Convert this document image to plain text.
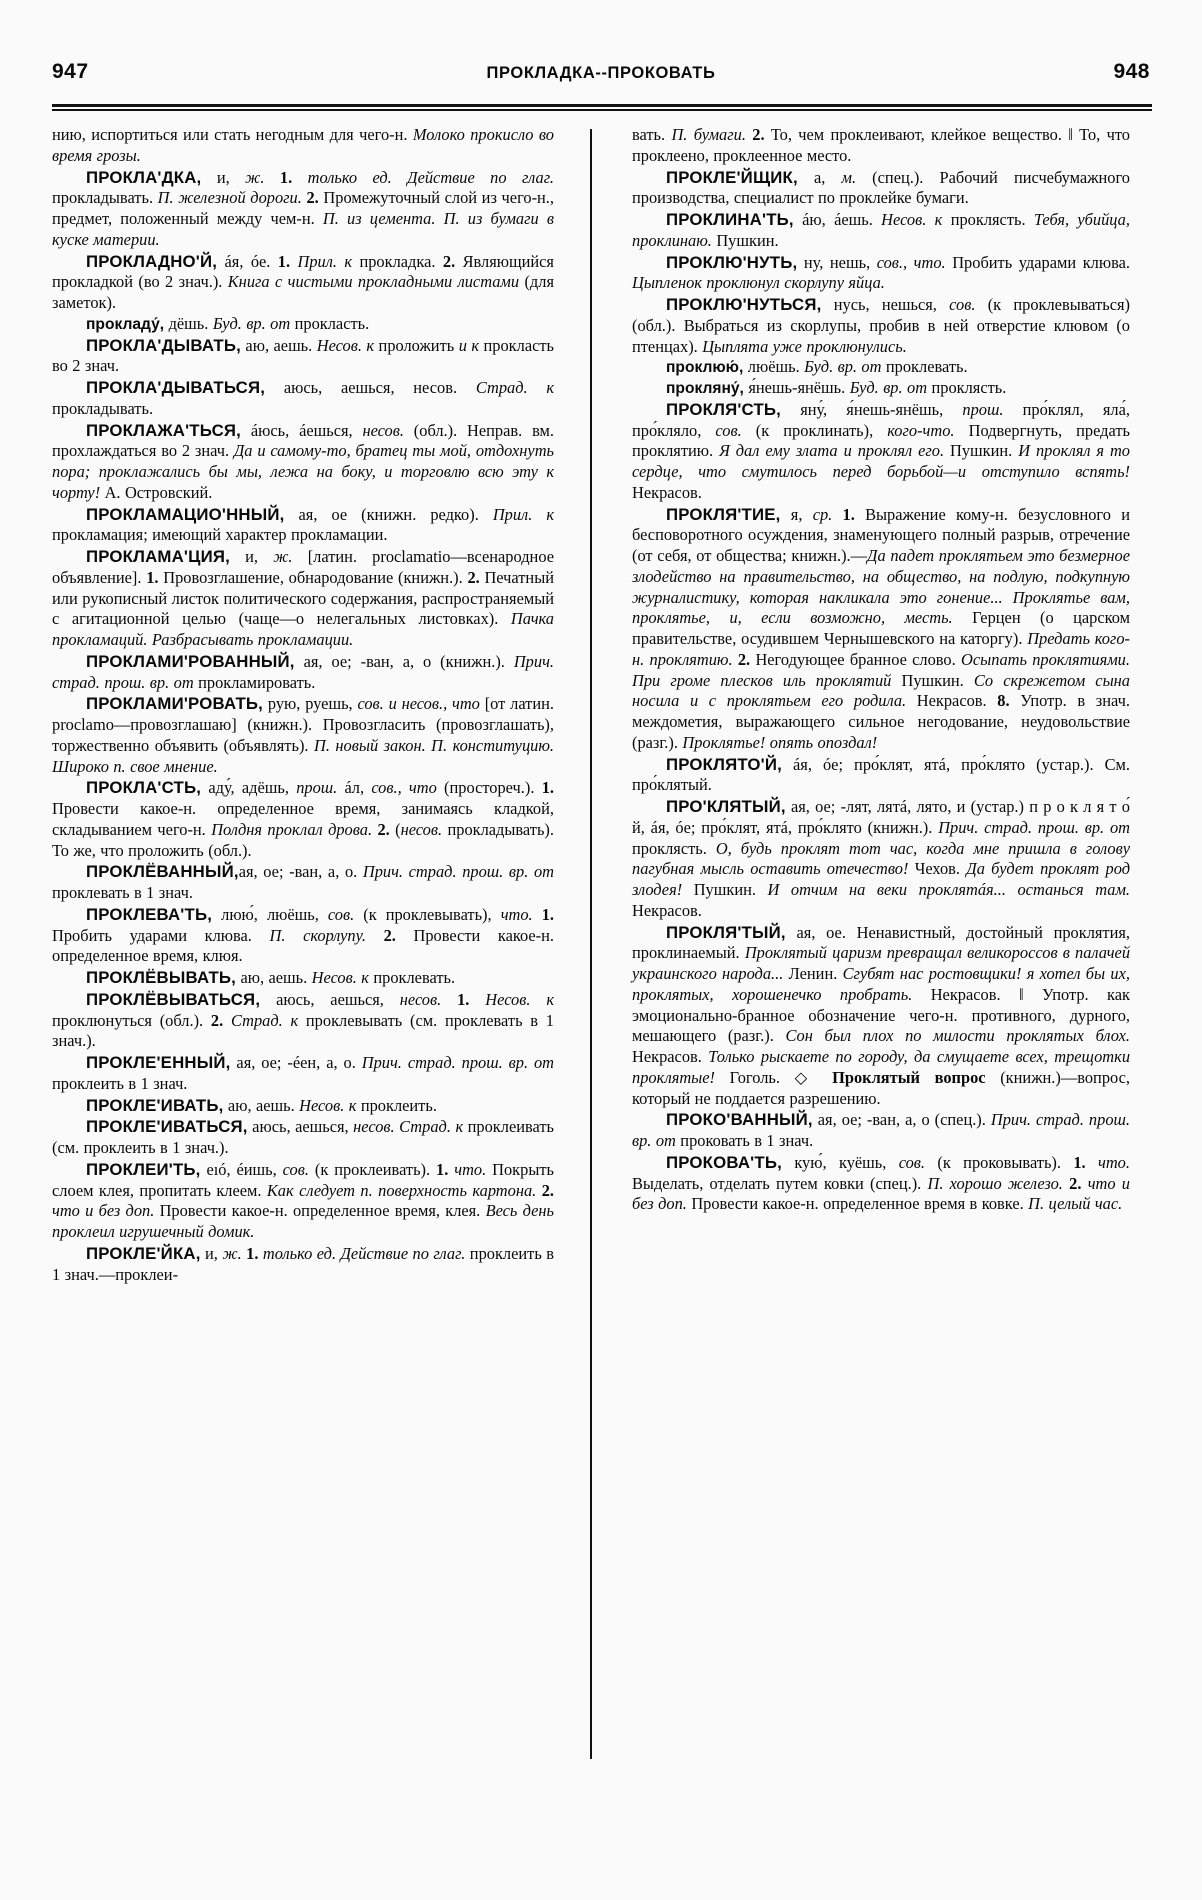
947	ПРОКЛАДКА--ПРОКОВАТЬ	948

нию, испортиться или стать негодным для чего-н. Молоко прокисло во время грозы.

ПРОКЛА'ДКА, и, ж. 1. только ед. Действие по глаг. прокладывать. П. железной дороги. 2. Промежуточный слой из чего-н., предмет, положенный между чем-н. П. из цемента. П. из бумаги в куске материи.

ПРОКЛАДНО'Й, áя, óе. 1. Прил. к прокладка. 2. Являющийся прокладкой (во 2 знач.). Книга с чистыми прокладными листами (для заметок).

прокладу́, дёшь. Буд. вр. от прокласть.

ПРОКЛА'ДЫВАТЬ, аю, аешь. Несов. к проложить и к прокласть во 2 знач.

ПРОКЛА'ДЫВАТЬСЯ, аюсь, аешься, несов. Страд. к прокладывать.

ПРОКЛАЖА'ТЬСЯ, áюсь, áешься, несов. (обл.). Неправ. вм. прохлаждаться во 2 знач. Да и самому-то, братец ты мой, отдохнуть пора; проклажались бы мы, лежа на боку, и торговлю всю эту к чорту! А. Островский.

ПРОКЛАМАЦИО'ННЫЙ, ая, ое (книжн. редко). Прил. к прокламация; имеющий характер прокламации.

ПРОКЛАМА'ЦИЯ, и, ж. [латин. proclamatio—всенародное объявление]. 1. Провозглашение, обнародование (книжн.). 2. Печатный или рукописный листок политического содержания, распространяемый с агитационной целью (чаще—о нелегальных листовках). Пачка прокламаций. Разбрасывать прокламации.

ПРОКЛАМИ'РОВАННЫЙ, ая, ое; -ван, а, о (книжн.). Прич. страд. прош. вр. от прокламировать.

ПРОКЛАМИ'РОВАТЬ, рую, руешь, сов. и несов., что [от латин. proclamo—провозглашаю] (книжн.). Провозгласить (провозглашать), торжественно объявить (объявлять). П. новый закон. П. конституцию. Широко п. свое мнение.

ПРОКЛА'СТЬ, аду́, адёшь, прош. áл, сов., что (простореч.). 1. Провести какое-н. определенное время, занимаясь кладкой, складыванием чего-н. Полдня проклал дрова. 2. (несов. прокладывать). То же, что проложить (обл.).

ПРОКЛЁВАННЫЙ,ая, ое; -ван, а, о. Прич. страд. прош. вр. от проклевать в 1 знач.

ПРОКЛЕВА'ТЬ, люю́, люёшь, сов. (к проклевывать), что. 1. Пробить ударами клюва. П. скорлупу. 2. Провести какое-н. определенное время, клюя.

ПРОКЛЁВЫВАТЬ, аю, аешь. Несов. к проклевать.

ПРОКЛЁВЫВАТЬСЯ, аюсь, аешься, несов. 1. Несов. к проклюнуться (обл.). 2. Страд. к проклевывать (см. проклевать в 1 знач.).

ПРОКЛЕ'ЕННЫЙ, ая, ое; -éен, а, о. Прич. страд. прош. вр. от проклеить в 1 знач.

ПРОКЛЕ'ИВАТЬ, аю, аешь. Несов. к проклеить.

ПРОКЛЕ'ИВАТЬСЯ, аюсь, аешься, несов. Страд. к проклеивать (см. проклеить в 1 знач.).

ПРОКЛЕИ'ТЬ, еıó, éишь, сов. (к проклеивать). 1. что. Покрыть слоем клея, пропитать клеем. Как следует п. поверхность картона. 2. что и без доп. Провести какое-н. определенное время, клея. Весь день проклеил игрушечный домик.

ПРОКЛЕ'ЙКА, и, ж. 1. только ед. Действие по глаг. проклеить в 1 знач.—проклеи-

вать. П. бумаги. 2. То, чем проклеивают, клейкое вещество. ‖ То, что проклеено, проклеенное место.

ПРОКЛЕ'ЙЩИК, а, м. (спец.). Рабочий писчебумажного производства, специалист по проклейке бумаги.

ПРОКЛИНА'ТЬ, áю, áешь. Несов. к проклясть. Тебя, убийца, проклинаю. Пушкин.

ПРОКЛЮ'НУТЬ, ну, нешь, сов., что. Пробить ударами клюва. Цыпленок проклюнул скорлупу яйца.

ПРОКЛЮ'НУТЬСЯ, нусь, нешься, сов. (к проклевываться) (обл.). Выбраться из скорлупы, пробив в ней отверстие клювом (о птенцах). Цыплята уже проклюнулись.

проклюю́, люёшь. Буд. вр. от проклевать.

прокляну́, я́нешь-янёшь. Буд. вр. от проклясть.

ПРОКЛЯ'СТЬ, яну́, я́нешь-янёшь, прош. про́клял, яла́, про́кляло, сов. (к проклинать), кого-что. Подвергнуть, предать проклятию. Я дал ему злата и проклял его. Пушкин. И проклял я то сердце, что смутилось перед борьбой—и отступило вспять! Некрасов.

ПРОКЛЯ'ТИЕ, я, ср. 1. Выражение кому-н. безусловного и бесповоротного осуждения, знаменующего полный разрыв, отречение (от себя, от общества; книжн.).—Да падет проклятьем это безмерное злодейство на правительство, на общество, на подлую, подкупную журналистику, которая накликала это гонение... Проклятье вам, проклятье, и, если возможно, месть. Герцен (о царском правительстве, осудившем Чернышевского на каторгу). Предать кого-н. проклятию. 2. Негодующее бранное слово. Осыпать проклятиями. При громе плесков иль проклятий Пушкин. Со скрежетом сына носила и с проклятьем его родила. Некрасов. 8. Употр. в знач. междометия, выражающего сильное негодование, неудовольствие (разг.). Проклятье! опять опоздал!

ПРОКЛЯТО'Й, áя, óе; про́клят, ятá, про́клято (устар.). См. про́клятый.

ПРО'КЛЯТЫЙ, ая, ое; -лят, лятá, лято, и (устар.) п р о к л я т о́ й, áя, óе; про́клят, ятá, про́клято (книжн.). Прич. страд. прош. вр. от проклясть. О, будь проклят тот час, когда мне пришла в голову пагубная мысль оставить отечество! Чехов. Да будет проклят род злодея! Пушкин. И отчим на веки проклятáя... останься там. Некрасов.

ПРОКЛЯ'ТЫЙ, ая, ое. Ненавистный, достойный проклятия, проклинаемый. Проклятый царизм превращал великороссов в палачей украинского народа... Ленин. Сгубят нас ростовщики! я хотел бы их, проклятых, хорошенечко пробрать. Некрасов. ‖ Употр. как эмоционально-бранное обозначение чего-н. противного, дурного, мешающего (разг.). Сон был плох по милости проклятых блох. Некрасов. Только рыскаете по городу, да смущаете всех, трещотки проклятые! Гоголь. ◇ Проклятый вопрос (книжн.)—вопрос, который не поддается разрешению.

ПРОКО'ВАННЫЙ, ая, ое; -ван, а, о (спец.). Прич. страд. прош. вр. от проковать в 1 знач.

ПРОКОВА'ТЬ, кую́, куёшь, сов. (к проковывать). 1. что. Выделать, отделать путем ковки (спец.). П. хорошо железо. 2. что и без доп. Провести какое-н. определенное время в ковке. П. целый час.
